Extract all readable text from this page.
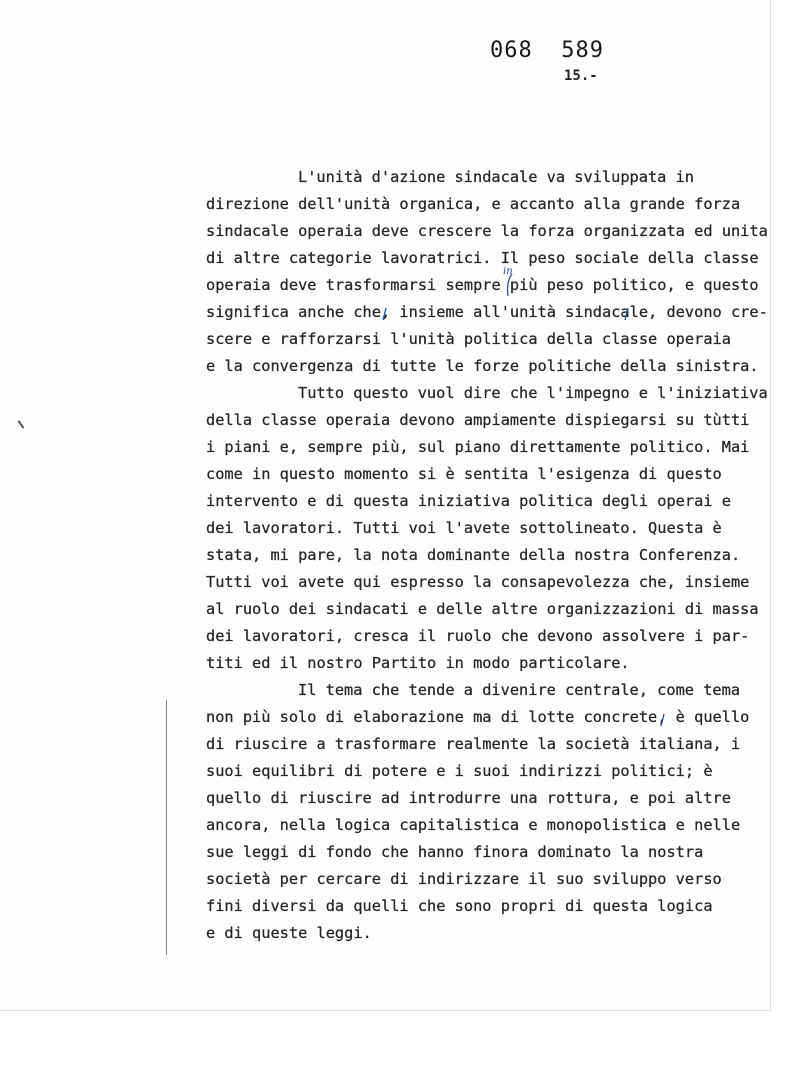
068  589
15.-
L'unità d'azione sindacale va sviluppata in
direzione dell'unità organica, e accanto alla grande forza
sindacale operaia deve crescere la forza organizzata ed unita
di altre categorie lavoratrici. Il peso sociale della classe
operaia deve trasformarsi sempre più peso politico, e questo
significa anche che, insieme all'unità sindacale, devono cre-
scere e rafforzarsi l'unità politica della classe operaia
e la convergenza di tutte le forze politiche della sinistra.
Tutto questo vuol dire che l'impegno e l'iniziativa
della classe operaia devono ampiamente dispiegarsi su tùtti
i piani e, sempre più, sul piano direttamente politico. Mai
come in questo momento si è sentita l'esigenza di questo
intervento e di questa iniziativa politica degli operai e
dei lavoratori. Tutti voi l'avete sottolineato. Questa è
stata, mi pare, la nota dominante della nostra Conferenza.
Tutti voi avete qui espresso la consapevolezza che, insieme
al ruolo dei sindacati e delle altre organizzazioni di massa
dei lavoratori, cresca il ruolo che devono assolvere i par-
titi ed il nostro Partito in modo particolare.
Il tema che tende a divenire centrale, come tema
non più solo di elaborazione ma di lotte concrete, è quello
di riuscire a trasformare realmente la società italiana, i
suoi equilibri di potere e i suoi indirizzi politici; è
quello di riuscire ad introdurre una rottura, e poi altre
ancora, nella logica capitalistica e monopolistica e nelle
sue leggi di fondo che hanno finora dominato la nostra
società per cercare di indirizzare il suo sviluppo verso
fini diversi da quelli che sono propri di questa logica
e di queste leggi.
in
